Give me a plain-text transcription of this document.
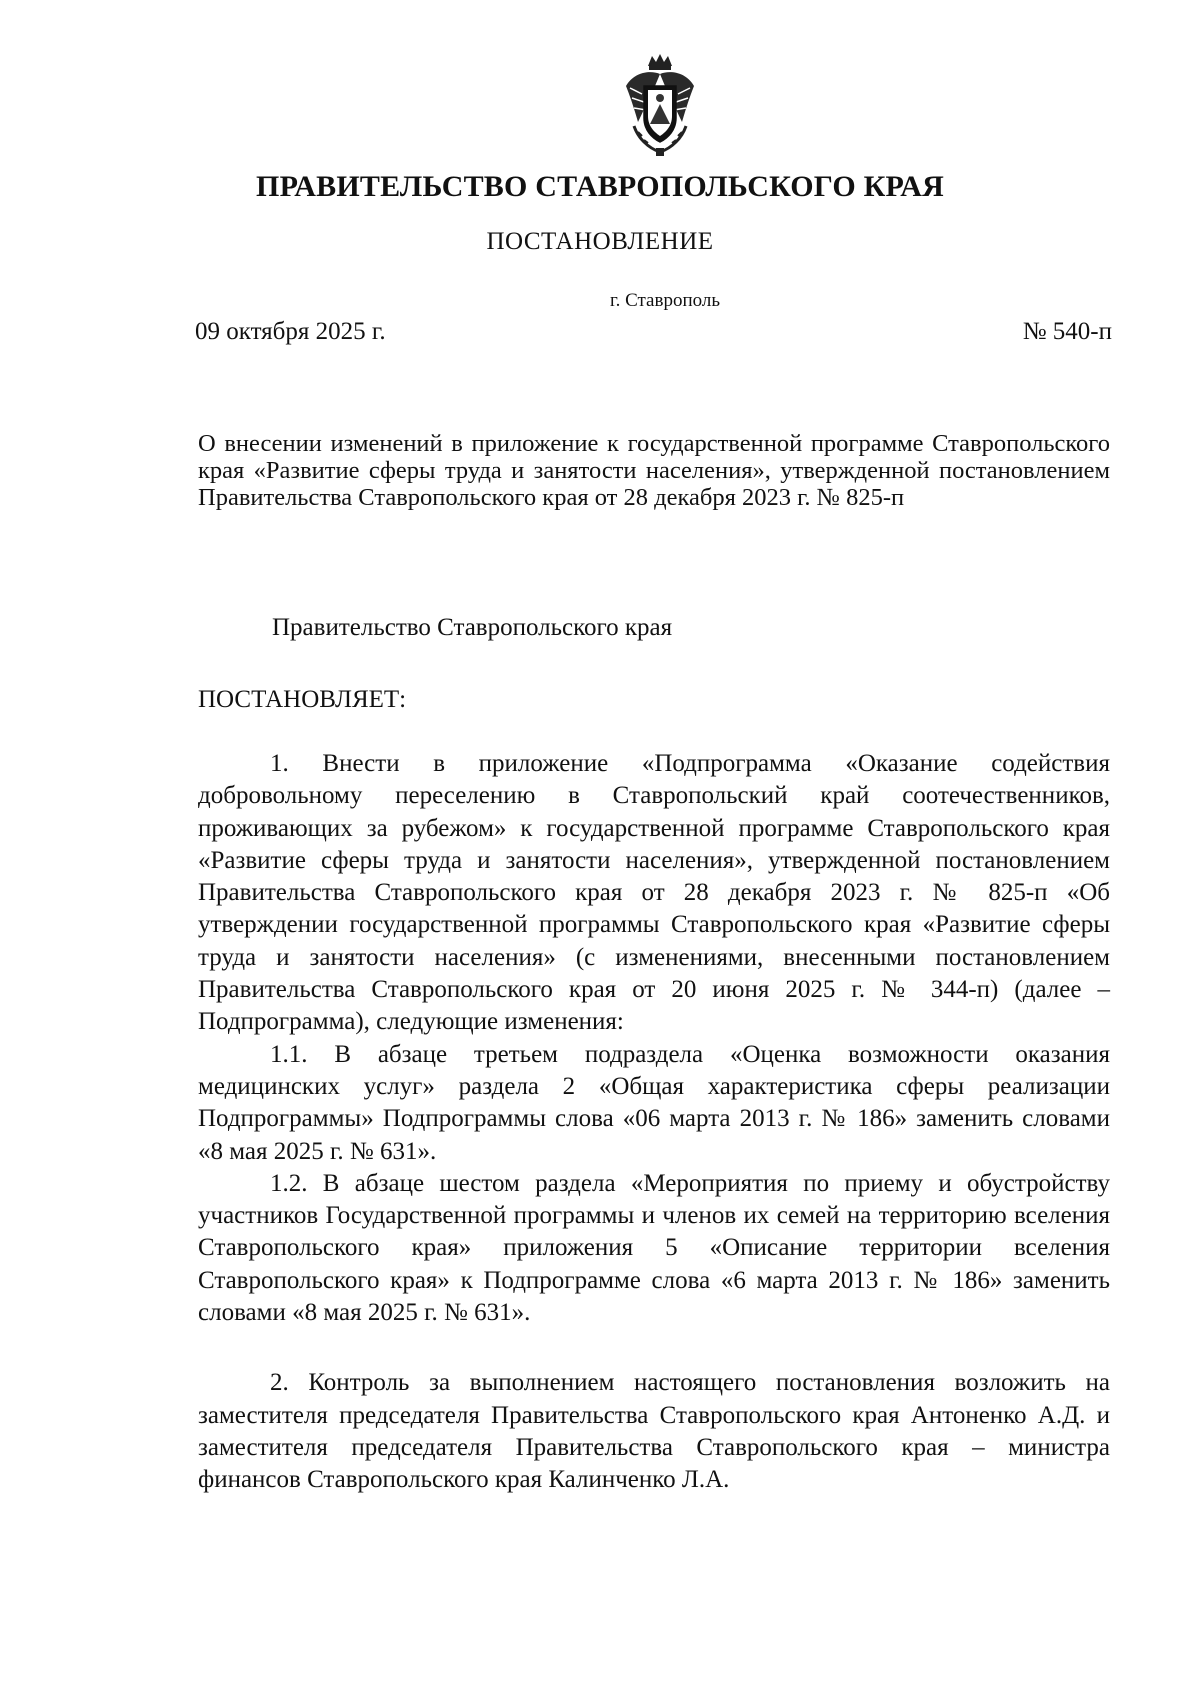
ПРАВИТЕЛЬСТВО СТАВРОПОЛЬСКОГО КРАЯ
ПОСТАНОВЛЕНИЕ
г. Ставрополь
09 октября 2025 г.	№ 540-п
О внесении изменений в приложение к государственной программе Ставропольского края «Развитие сферы труда и занятости населения», утвержденной постановлением Правительства Ставропольского края от 28 декабря 2023 г. № 825-п
Правительство Ставропольского края
ПОСТАНОВЛЯЕТ:

1. Внести в приложение «Подпрограмма «Оказание содействия добровольному переселению в Ставропольский край соотечественников, проживающих за рубежом» к государственной программе Ставропольского края «Развитие сферы труда и занятости населения», утвержденной постановлением Правительства Ставропольского края от 28 декабря 2023 г. № 825-п «Об утверждении государственной программы Ставропольского края «Развитие сферы труда и занятости населения» (с изменениями, внесенными постановлением Правительства Ставропольского края от 20 июня 2025 г. № 344-п) (далее – Подпрограмма), следующие изменения:

1.1. В абзаце третьем подраздела «Оценка возможности оказания медицинских услуг» раздела 2 «Общая характеристика сферы реализации Подпрограммы» Подпрограммы слова «06 марта 2013 г. № 186» заменить словами «8 мая 2025 г. № 631».

1.2. В абзаце шестом раздела «Мероприятия по приему и обустройству участников Государственной программы и членов их семей на территорию вселения Ставропольского края» приложения 5 «Описание территории вселения Ставропольского края» к Подпрограмме слова «6 марта 2013 г. № 186» заменить словами «8 мая 2025 г. № 631».

2. Контроль за выполнением настоящего постановления возложить на заместителя председателя Правительства Ставропольского края Антоненко А.Д. и заместителя председателя Правительства Ставропольского края – министра финансов Ставропольского края Калинченко Л.А.
